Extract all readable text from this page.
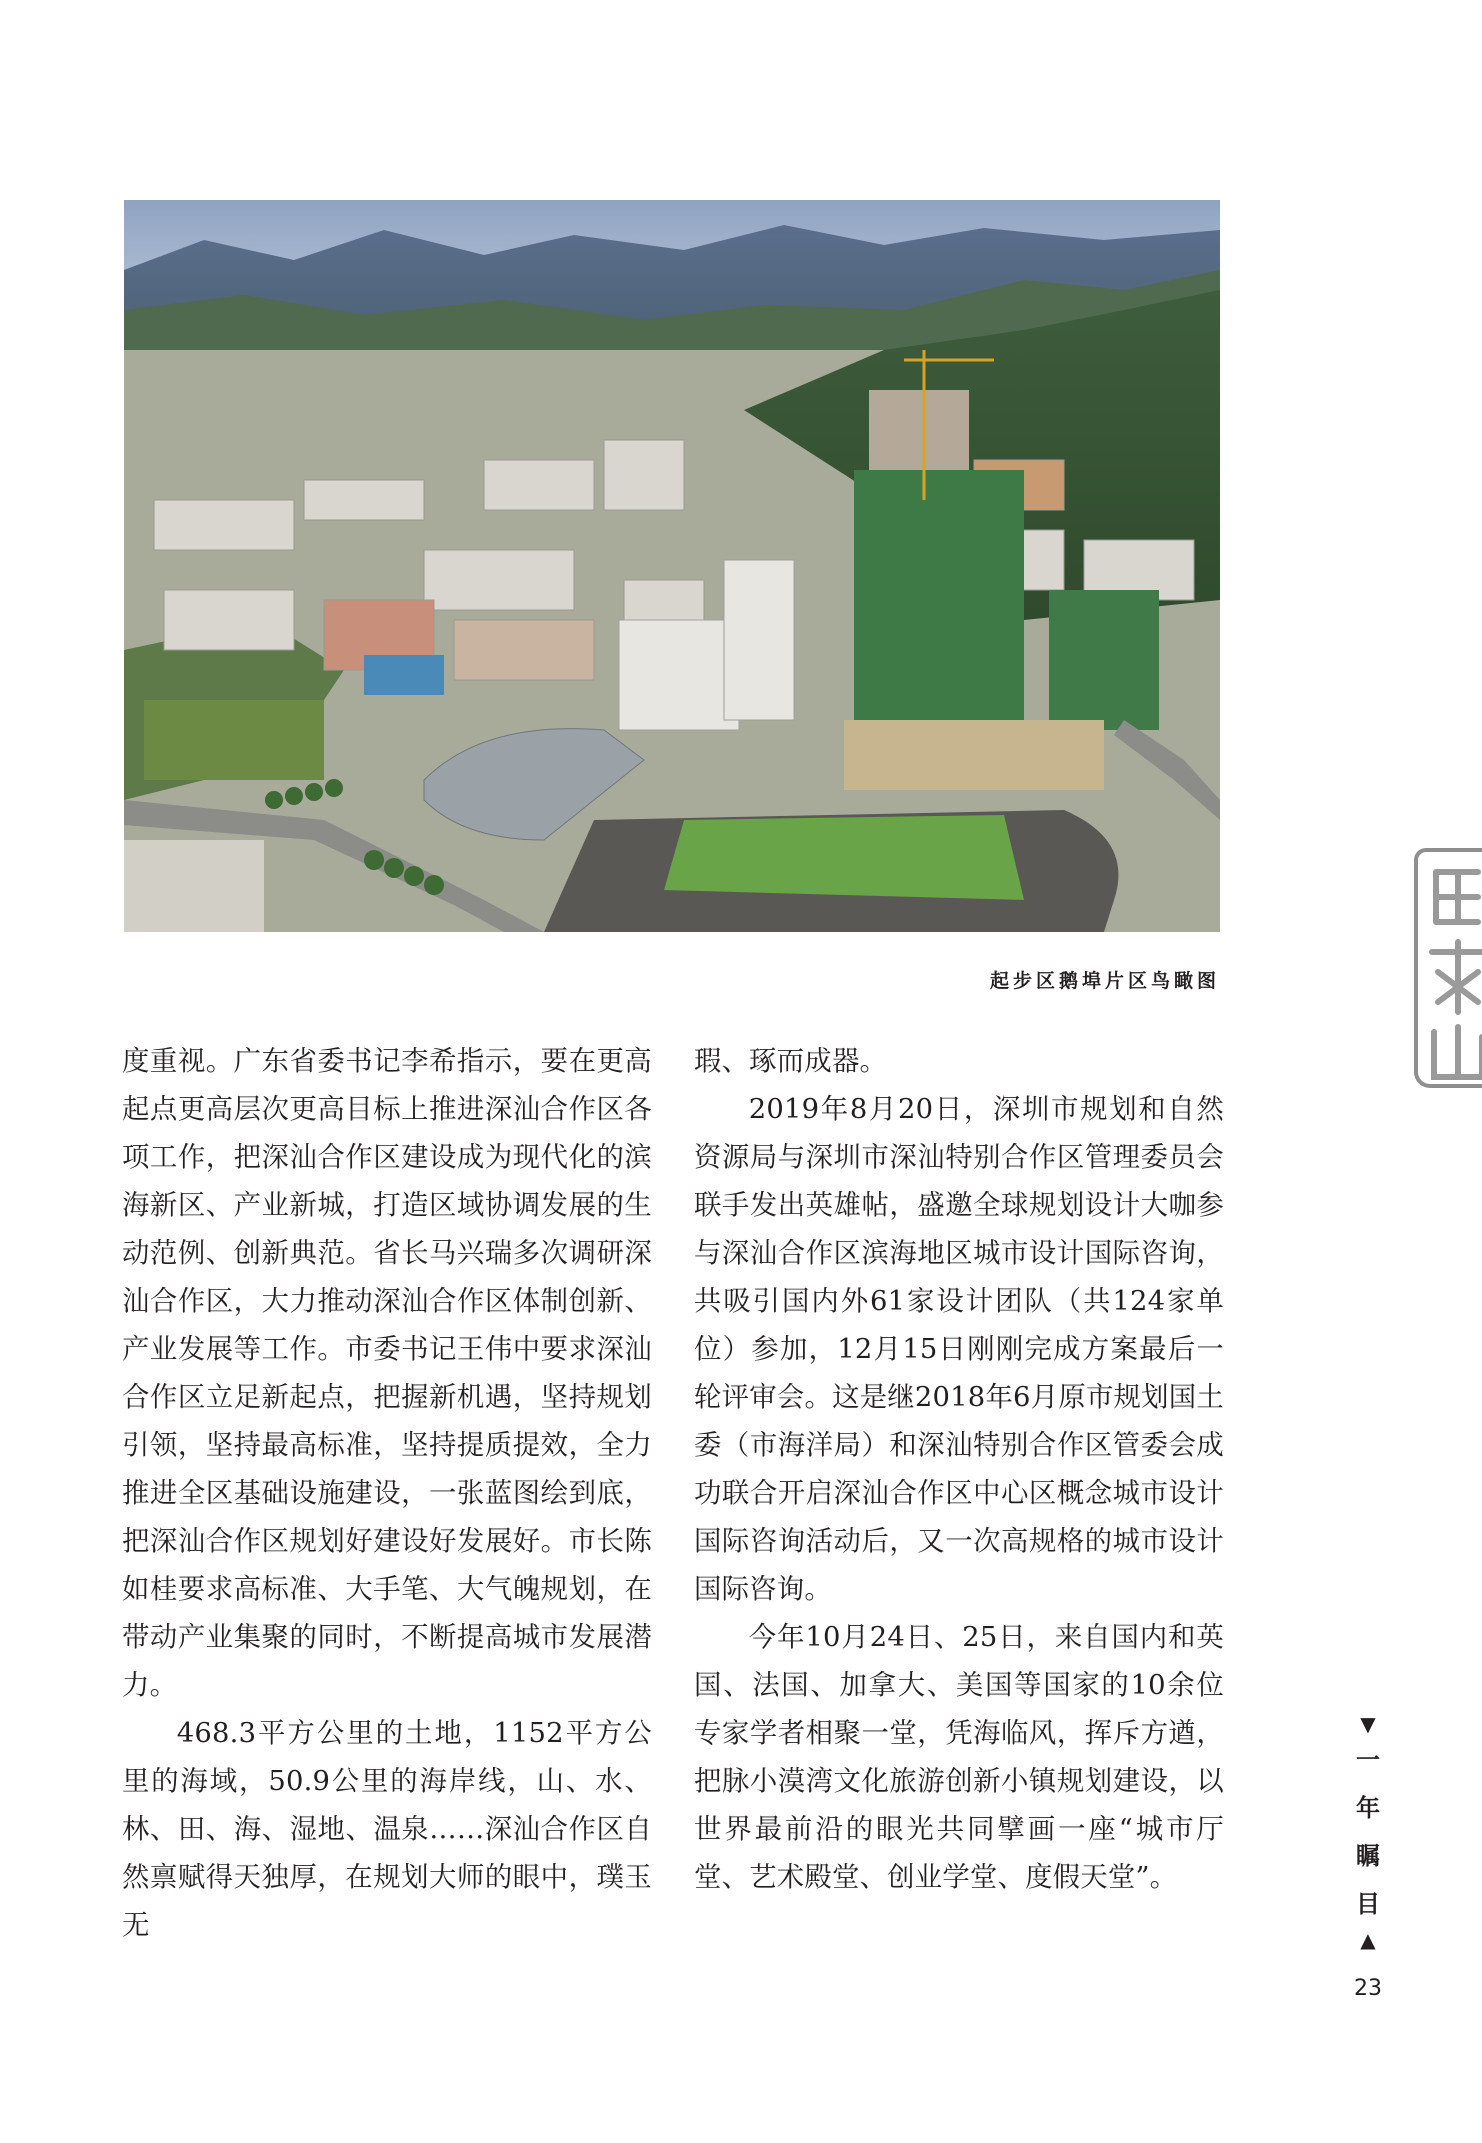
起步区鹅埠片区鸟瞰图

度重视。广东省委书记李希指示，要在更高起点更高层次更高目标上推进深汕合作区各项工作，把深汕合作区建设成为现代化的滨海新区、产业新城，打造区域协调发展的生动范例、创新典范。省长马兴瑞多次调研深汕合作区，大力推动深汕合作区体制创新、产业发展等工作。市委书记王伟中要求深汕合作区立足新起点，把握新机遇，坚持规划引领，坚持最高标准，坚持提质提效，全力推进全区基础设施建设，一张蓝图绘到底，把深汕合作区规划好建设好发展好。市长陈如桂要求高标准、大手笔、大气魄规划，在带动产业集聚的同时，不断提高城市发展潜力。

468.3平方公里的土地，1152平方公里的海域，50.9公里的海岸线，山、水、林、田、海、湿地、温泉……深汕合作区自然禀赋得天独厚，在规划大师的眼中，璞玉无

瑕、琢而成器。

2019年8月20日，深圳市规划和自然资源局与深圳市深汕特别合作区管理委员会联手发出英雄帖，盛邀全球规划设计大咖参与深汕合作区滨海地区城市设计国际咨询，共吸引国内外61家设计团队（共124家单位）参加，12月15日刚刚完成方案最后一轮评审会。这是继2018年6月原市规划国土委（市海洋局）和深汕特别合作区管委会成功联合开启深汕合作区中心区概念城市设计国际咨询活动后，又一次高规格的城市设计国际咨询。

今年10月24日、25日，来自国内和英国、法国、加拿大、美国等国家的10余位专家学者相聚一堂，凭海临风，挥斥方遒，把脉小漠湾文化旅游创新小镇规划建设，以世界最前沿的眼光共同擘画一座“城市厅堂、艺术殿堂、创业学堂、度假天堂”。

▼
一
年
瞩
目
▲
23
